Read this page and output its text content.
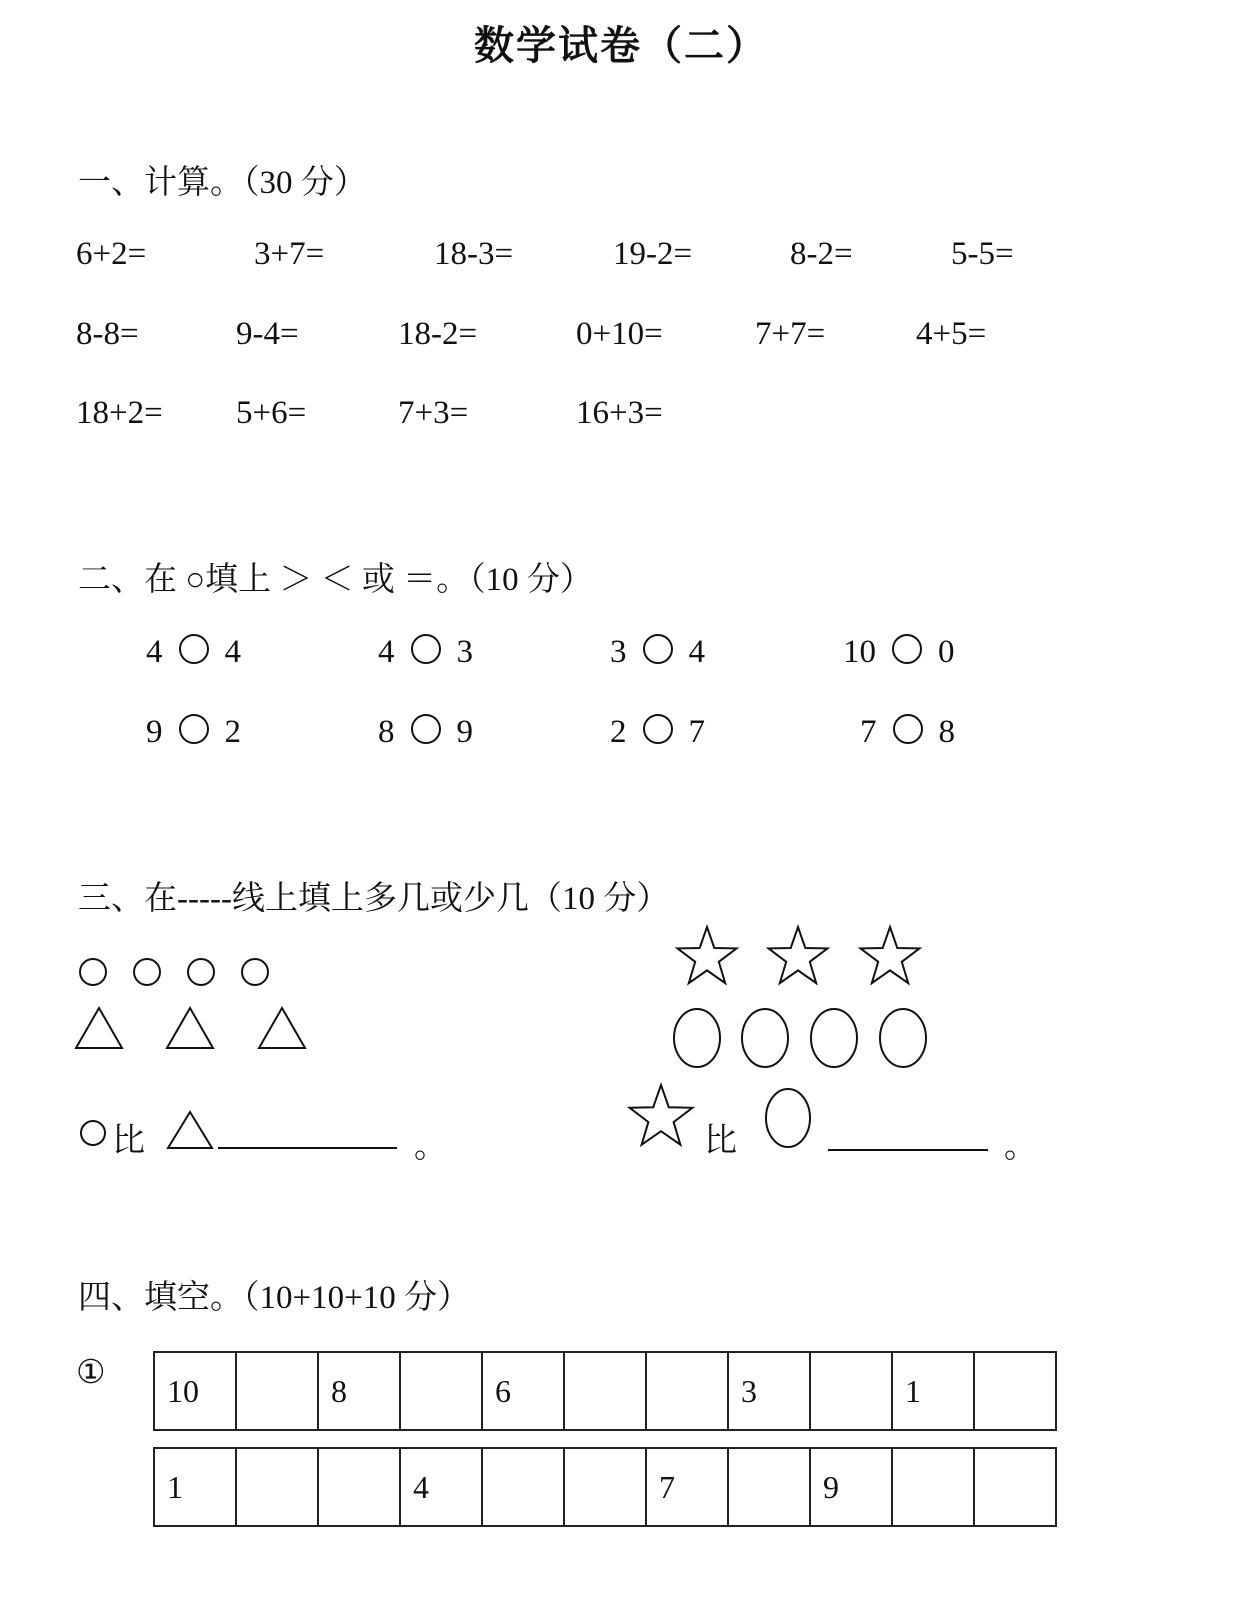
数学试卷（二）
一、计算。（30 分）
6+2=	3+7=	18-3=	19-2=	8-2=	5-5=
8-8=	9-4=	18-2=	0+10=	7+7=	4+5=
18+2= 5+6=	7+3=	16+3=
二、在 ○填上 ＞ ＜ 或 ＝。（10 分）
4 4	4 3	3 4	10 0
9 2	8 9	2 7	7 8
三、在-----线上填上多几或少几（10 分）
比	。	比	。
四、填空。（10+10+10 分）
① 10		8		6			3		1	
1			4			7		9		
